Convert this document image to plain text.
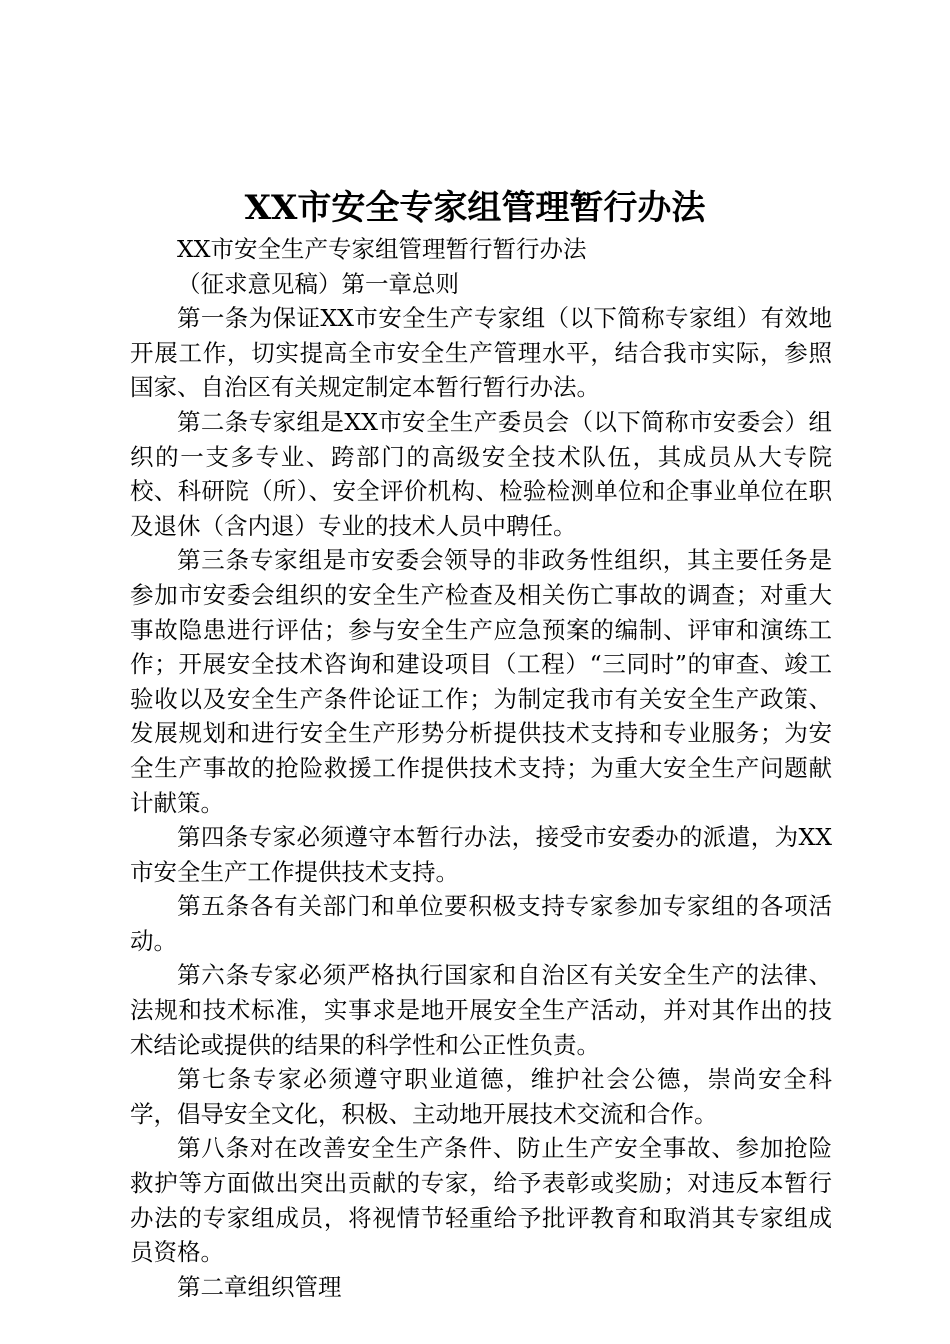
XX市安全专家组管理暂行办法

XX市安全生产专家组管理暂行暂行办法

（征求意见稿）第一章总则

第一条为保证XX市安全生产专家组（以下简称专家组）有效地开展工作，切实提高全市安全生产管理水平，结合我市实际，参照国家、自治区有关规定制定本暂行暂行办法。

第二条专家组是XX市安全生产委员会（以下简称市安委会）组织的一支多专业、跨部门的高级安全技术队伍，其成员从大专院校、科研院（所）、安全评价机构、检验检测单位和企事业单位在职及退休（含内退）专业的技术人员中聘任。

第三条专家组是市安委会领导的非政务性组织，其主要任务是参加市安委会组织的安全生产检查及相关伤亡事故的调查；对重大事故隐患进行评估；参与安全生产应急预案的编制、评审和演练工作；开展安全技术咨询和建设项目（工程）“三同时”的审查、竣工验收以及安全生产条件论证工作；为制定我市有关安全生产政策、发展规划和进行安全生产形势分析提供技术支持和专业服务；为安全生产事故的抢险救援工作提供技术支持；为重大安全生产问题献计献策。

第四条专家必须遵守本暂行办法，接受市安委办的派遣，为XX市安全生产工作提供技术支持。

第五条各有关部门和单位要积极支持专家参加专家组的各项活动。

第六条专家必须严格执行国家和自治区有关安全生产的法律、法规和技术标准，实事求是地开展安全生产活动，并对其作出的技术结论或提供的结果的科学性和公正性负责。

第七条专家必须遵守职业道德，维护社会公德，崇尚安全科学，倡导安全文化，积极、主动地开展技术交流和合作。

第八条对在改善安全生产条件、防止生产安全事故、参加抢险救护等方面做出突出贡献的专家，给予表彰或奖励；对违反本暂行办法的专家组成员，将视情节轻重给予批评教育和取消其专家组成员资格。

第二章组织管理
